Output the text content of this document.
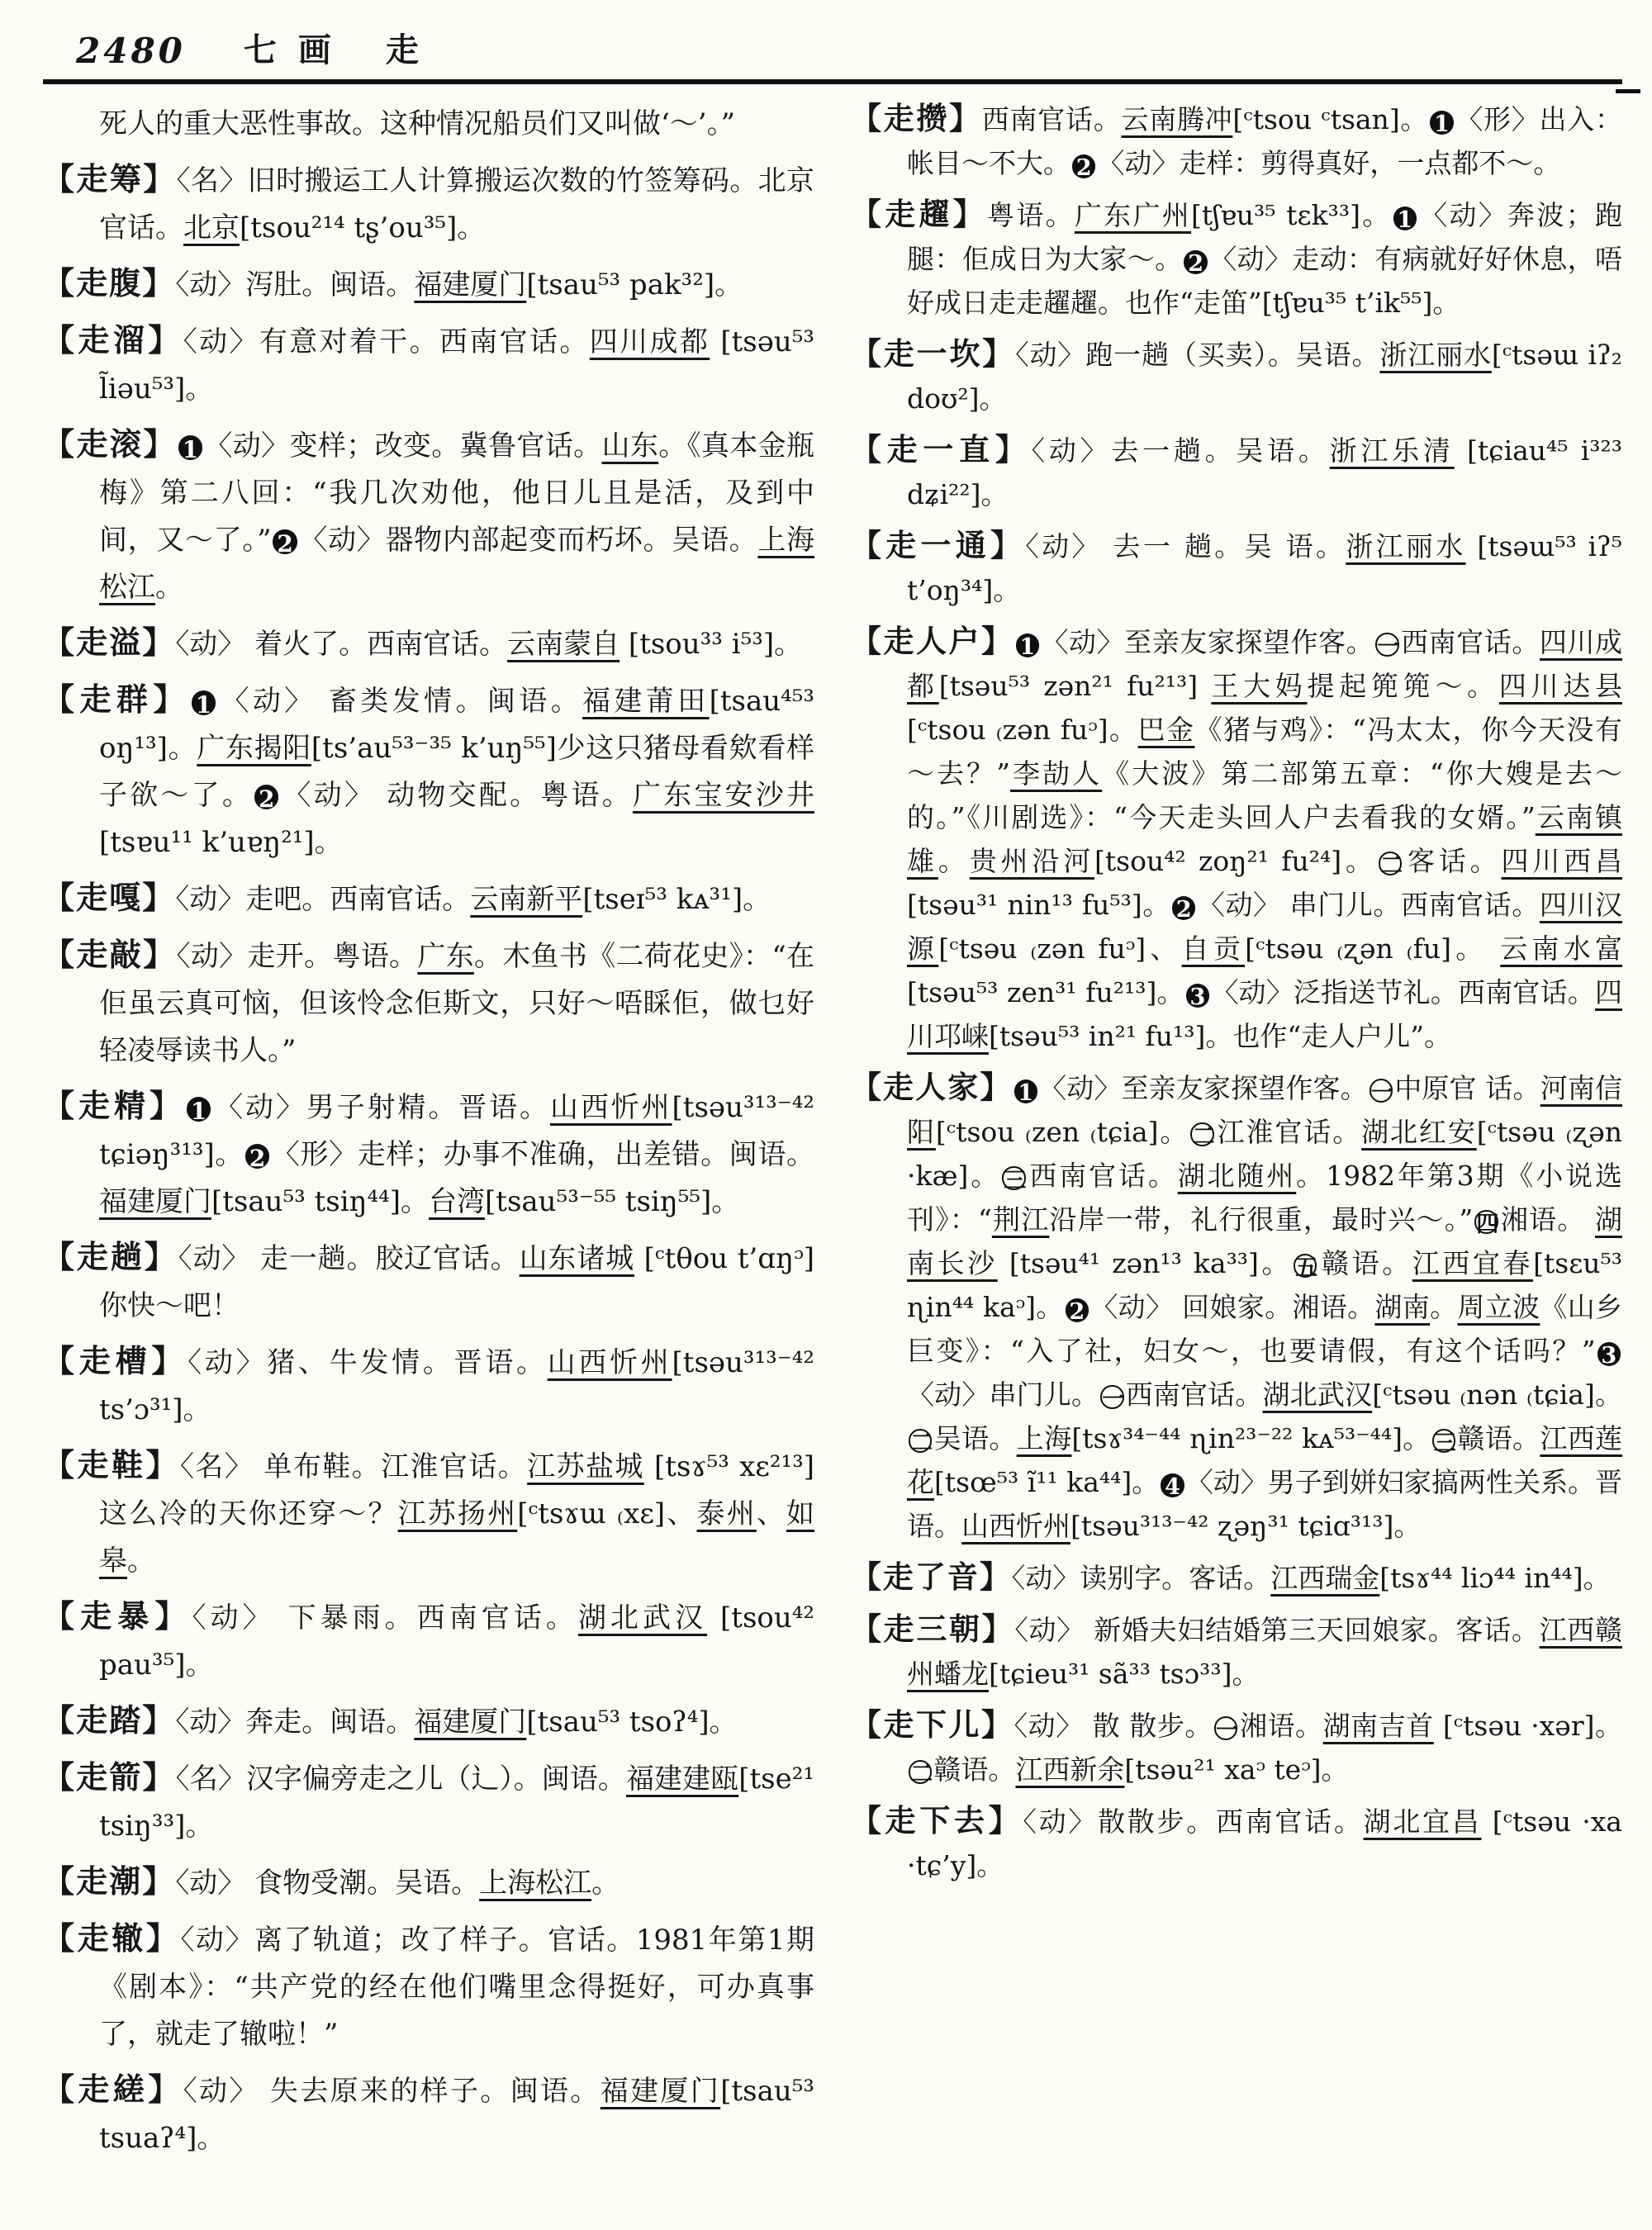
2480 七画 走
死人的重大恶性事故。这种情况船员们又叫做‘～’。”
【走筹】〈名〉旧时搬运工人计算搬运次数的竹签筹码。北京官话。北京[tsou²¹⁴ tʂ’ou³⁵]。
【走腹】〈动〉泻肚。闽语。福建厦门[tsau⁵³ pak³²]。
【走溜】〈动〉有意对着干。西南官话。四川成都 [tsəu⁵³ l̃iəu⁵³]。
【走滚】 1 〈动〉变样；改变。冀鲁官话。山东。《真本金瓶梅》第二八回：“我几次劝他，他日儿且是活，及到中间，又～了。” 2 〈动〉器物内部起变而朽坏。吴语。上海松江。
【走溢】〈动〉 着火了。西南官话。云南蒙自 [tsou³³ i⁵³]。
【走群】 1 〈动〉 畜类发情。闽语。福建莆田[tsau⁴⁵³ oŋ¹³]。广东揭阳[ts’au⁵³⁻³⁵ k’uŋ⁵⁵]少这只猪母看欸看样子欲～了。 2 〈动〉 动物交配。粤语。广东宝安沙井[tsɐu¹¹ k’uɐŋ²¹]。
【走嘎】〈动〉走吧。西南官话。云南新平[tseɪ⁵³ kᴀ³¹]。
【走敲】〈动〉走开。粤语。广东。木鱼书《二荷花史》：“在佢虽云真可恼，但该怜念佢斯文，只好～唔睬佢，做乜好轻凌辱读书人。”
【走精】 1 〈动〉男子射精。晋语。山西忻州[tsəu³¹³⁻⁴² tɕiəŋ³¹³]。 2 〈形〉走样；办事不准确，出差错。闽语。福建厦门[tsau⁵³ tsiŋ⁴⁴]。台湾[tsau⁵³⁻⁵⁵ tsiŋ⁵⁵]。
【走趟】〈动〉 走一趟。胶辽官话。山东诸城 [ᶜtθou t’ɑŋᵓ]你快～吧！
【走槽】〈动〉猪、牛发情。晋语。山西忻州[tsəu³¹³⁻⁴² ts’ɔ³¹]。
【走鞋】〈名〉 单布鞋。江淮官话。江苏盐城 [tsɤ⁵³ xɛ²¹³]这么冷的天你还穿～？江苏扬州[ᶜtsɤɯ ₍xɛ]、泰州、如皋。
【走暴】〈动〉 下暴雨。西南官话。湖北武汉 [tsou⁴² pau³⁵]。
【走踏】〈动〉奔走。闽语。福建厦门[tsau⁵³ tsoʔ⁴]。
【走箭】〈名〉汉字偏旁走之儿（辶）。闽语。福建建瓯[tse²¹ tsiŋ³³]。
【走潮】〈动〉 食物受潮。吴语。上海松江。
【走辙】〈动〉离了轨道；改了样子。官话。1981年第1期《剧本》：“共产党的经在他们嘴里念得挺好，可办真事了，就走了辙啦！”
【走縒】〈动〉 失去原来的样子。闽语。福建厦门[tsau⁵³ tsuaʔ⁴]。
【走攒】西南官话。云南腾冲[ᶜtsou ᶜtsan]。 1 〈形〉出入：帐目～不大。 2 〈动〉走样：剪得真好，一点都不～。
【走趯】粤语。广东广州[tʃɐu³⁵ tɛk³³]。 1 〈动〉奔波；跑腿：佢成日为大家～。 2 〈动〉走动：有病就好好休息，唔好成日走走趯趯。也作“走笛”[tʃɐu³⁵ t’ik⁵⁵]。
【走一坎】〈动〉跑一趟（买卖）。吴语。浙江丽水[ᶜtsəɯ iʔ₂ doʊ²]。
【走一直】〈动〉去一趟。吴语。浙江乐清 [tɕiau⁴⁵ i³²³ dʑi²²]。
【走一通】〈动〉 去一 趟。吴 语。浙江丽水 [tsəɯ⁵³ iʔ⁵ t’oŋ³⁴]。
【走人户】 1 〈动〉至亲友家探望作客。 一西南官话。四川成都[tsəu⁵³ zən²¹ fu²¹³] 王大妈提起篼篼～。四川达县[ᶜtsou ₍zən fuᵓ]。巴金《猪与鸡》：“冯太太，你今天没有～去？”李劼人《大波》第二部第五章：“你大嫂是去～的。”《川剧选》：“今天走头回人户去看我的女婿。”云南镇雄。贵州沿河[tsou⁴² zoŋ²¹ fu²⁴]。 二客话。四川西昌[tsəu³¹ nin¹³ fu⁵³]。 2 〈动〉 串门儿。西南官话。四川汉源[ᶜtsəu ₍zən fuᵓ]、自贡[ᶜtsəu ₍ʐən ₍fu]。 云南水富[tsəu⁵³ zen³¹ fu²¹³]。 3 〈动〉泛指送节礼。西南官话。四川邛崃[tsəu⁵³ in²¹ fu¹³]。也作“走人户儿”。
【走人家】 1 〈动〉至亲友家探望作客。 一中原官 话。河南信阳[ᶜtsou ₍zen ₍tɕia]。 二江淮官话。湖北红安[ᶜtsəu ₍ʐən ·kæ]。 三西南官话。湖北随州。1982年第3期《小说选刊》：“荆江沿岸一带，礼行很重，最时兴～。” 四湘语。 湖南长沙 [tsəu⁴¹ zən¹³ ka³³]。 五赣语。江西宜春[tsɛu⁵³ ɳin⁴⁴ kaᵓ]。 2 〈动〉 回娘家。湘语。湖南。周立波《山乡巨变》：“入了社，妇女～，也要请假，有这个话吗？” 3〈动〉串门儿。 一西南官话。湖北武汉[ᶜtsəu ₍nən ₍tɕia]。二吴语。上海[tsɤ³⁴⁻⁴⁴ ɳin²³⁻²² kᴀ⁵³⁻⁴⁴]。 三赣语。江西莲花[tsœ⁵³ ĩ¹¹ ka⁴⁴]。 4 〈动〉男子到姘妇家搞两性关系。晋语。山西忻州[tsəu³¹³⁻⁴² ʐəŋ³¹ tɕiɑ³¹³]。
【走了音】〈动〉读别字。客话。江西瑞金[tsɤ⁴⁴ liɔ⁴⁴ in⁴⁴]。
【走三朝】〈动〉 新婚夫妇结婚第三天回娘家。客话。江西赣州蟠龙[tɕieu³¹ sã³³ tsɔ³³]。
【走下儿】〈动〉 散 散步。 一湘语。湖南吉首 [ᶜtsəu ·xər]。二赣语。江西新余[tsəu²¹ xaᵓ teᵓ]。
【走下去】〈动〉散散步。西南官话。湖北宜昌 [ᶜtsəu ·xa ·tɕ’y]。
